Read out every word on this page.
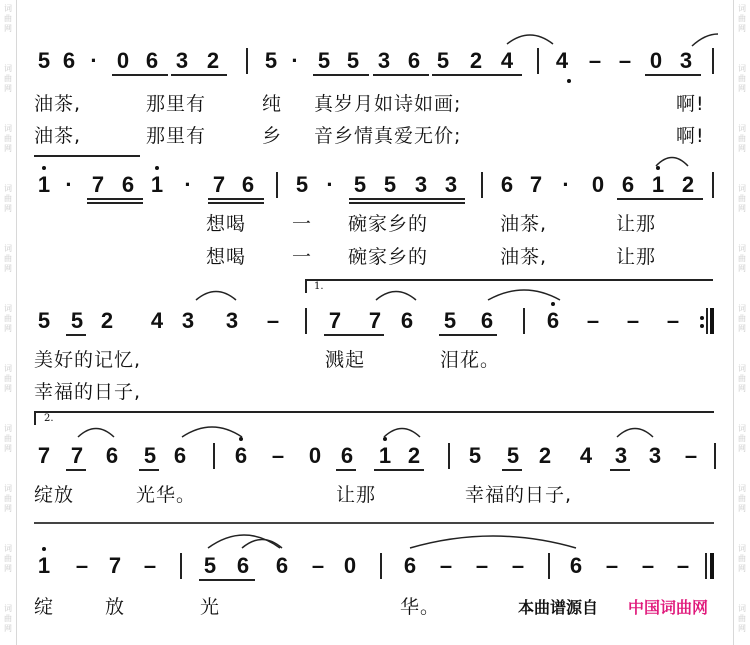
词
曲
网
词
曲
网
词
曲
网
词
曲
网
词
曲
网
词
曲
网
词
曲
网
词
曲
网
词
曲
网
词
曲
网
词
曲
网
词
曲
网
词
曲
网
词
曲
网
词
曲
网
词
曲
网
词
曲
网
词
曲
网
词
曲
网
词
曲
网
词
曲
网
词
曲
网
5 6 · 0 6 3 2 5 · 5 5 3 6 5 2 4 4 – – 0 3
油茶,	那里有	纯	真岁月如诗如画;	啊!
油茶,	那里有	乡	音乡情真爱无价;	啊!
1 · 7 6 1 · 7 6 5 · 5 5 3 3 6 7 · 0 6 1 2
想喝	一	碗家乡的	油茶,	让那
想喝	一	碗家乡的	油茶,	让那
1.
5 5 2 4 3 3 – 7 7 6 5 6 6 – – –
美好的记忆,	溅起	泪花。
幸福的日子,
2.
7 7 6 5 6 6 – 0 6 1 2 5 5 2 4 3 3 –
绽放	光华。	让那	幸福的日子,
1 – 7 – 5 6 6 – 0 6 – – – 6 – – –
绽	放	光	华。	本曲谱源自 中国词曲网
